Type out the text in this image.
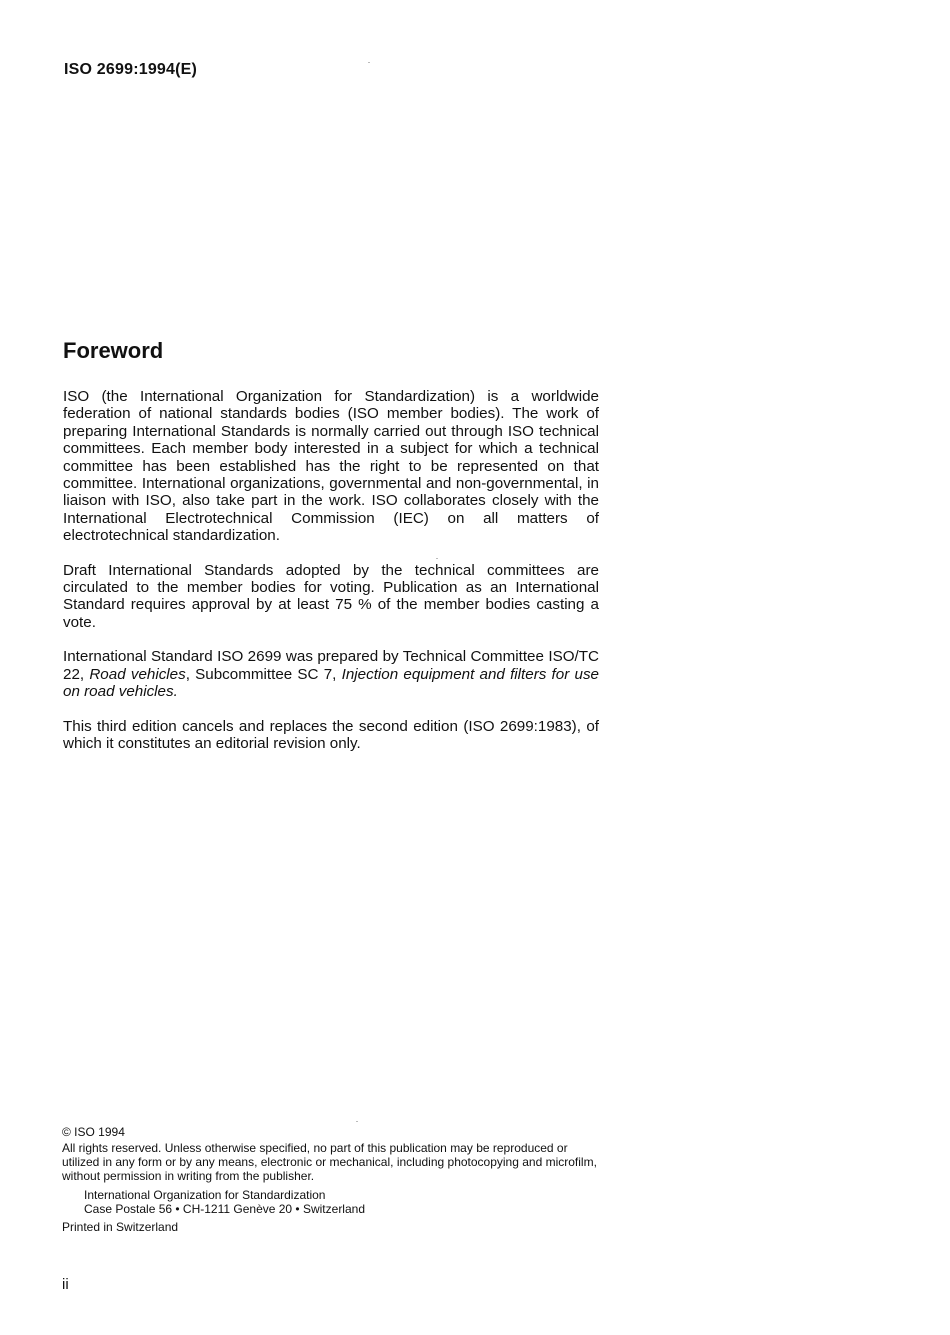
ISO 2699:1994(E)
Foreword

ISO (the International Organization for Standardization) is a worldwide federation of national standards bodies (ISO member bodies). The work of preparing International Standards is normally carried out through ISO technical committees. Each member body interested in a subject for which a technical committee has been established has the right to be represented on that committee. International organizations, governmental and non-governmental, in liaison with ISO, also take part in the work. ISO collaborates closely with the International Electrotechnical Commission (IEC) on all matters of electrotechnical standardization.

Draft International Standards adopted by the technical committees are circulated to the member bodies for voting. Publication as an International Standard requires approval by at least 75 % of the member bodies casting a vote.

International Standard ISO 2699 was prepared by Technical Committee ISO/TC 22, Road vehicles, Subcommittee SC 7, Injection equipment and filters for use on road vehicles.

This third edition cancels and replaces the second edition (ISO 2699:1983), of which it constitutes an editorial revision only.

© ISO 1994
All rights reserved. Unless otherwise specified, no part of this publication may be reproduced or utilized in any form or by any means, electronic or mechanical, including photocopying and microfilm, without permission in writing from the publisher.
International Organization for Standardization
Case Postale 56 • CH-1211 Genève 20 • Switzerland
Printed in Switzerland
ii
